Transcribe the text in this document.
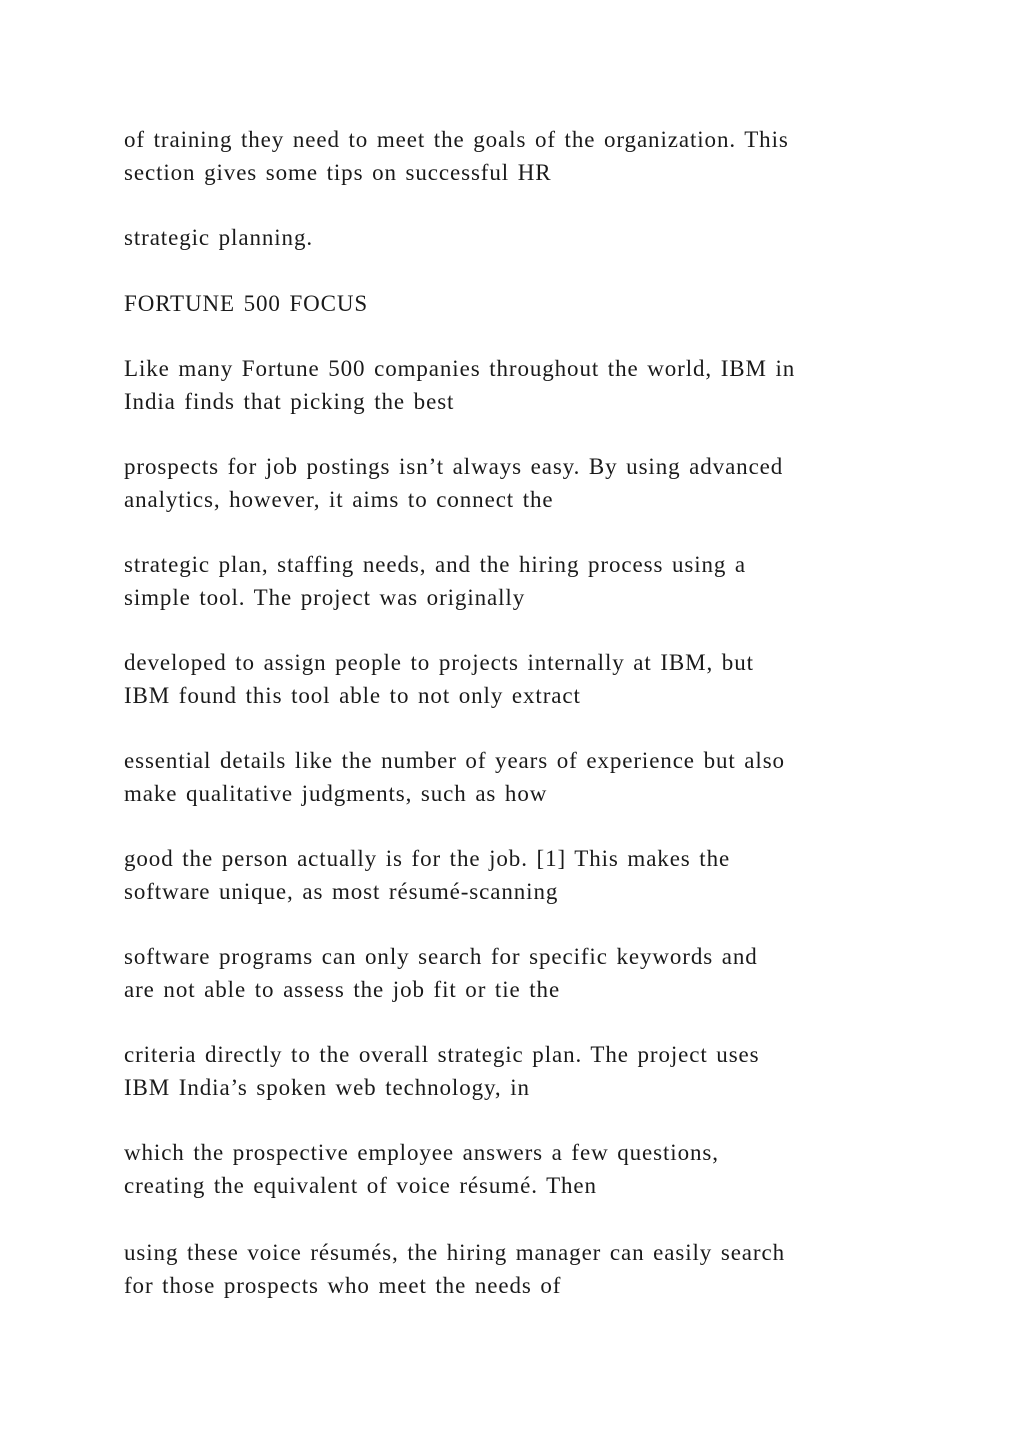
of training they need to meet the goals of the organization. This
section gives some tips on successful HR

strategic planning.

FORTUNE 500 FOCUS

Like many Fortune 500 companies throughout the world, IBM in
India finds that picking the best

prospects for job postings isn’t always easy. By using advanced
analytics, however, it aims to connect the

strategic plan, staffing needs, and the hiring process using a
simple tool. The project was originally

developed to assign people to projects internally at IBM, but
IBM found this tool able to not only extract

essential details like the number of years of experience but also
make qualitative judgments, such as how

good the person actually is for the job. [1] This makes the
software unique, as most résumé-scanning

software programs can only search for specific keywords and
are not able to assess the job fit or tie the

criteria directly to the overall strategic plan. The project uses
IBM India’s spoken web technology, in

which the prospective employee answers a few questions,
creating the equivalent of voice résumé. Then

using these voice résumés, the hiring manager can easily search
for those prospects who meet the needs of
